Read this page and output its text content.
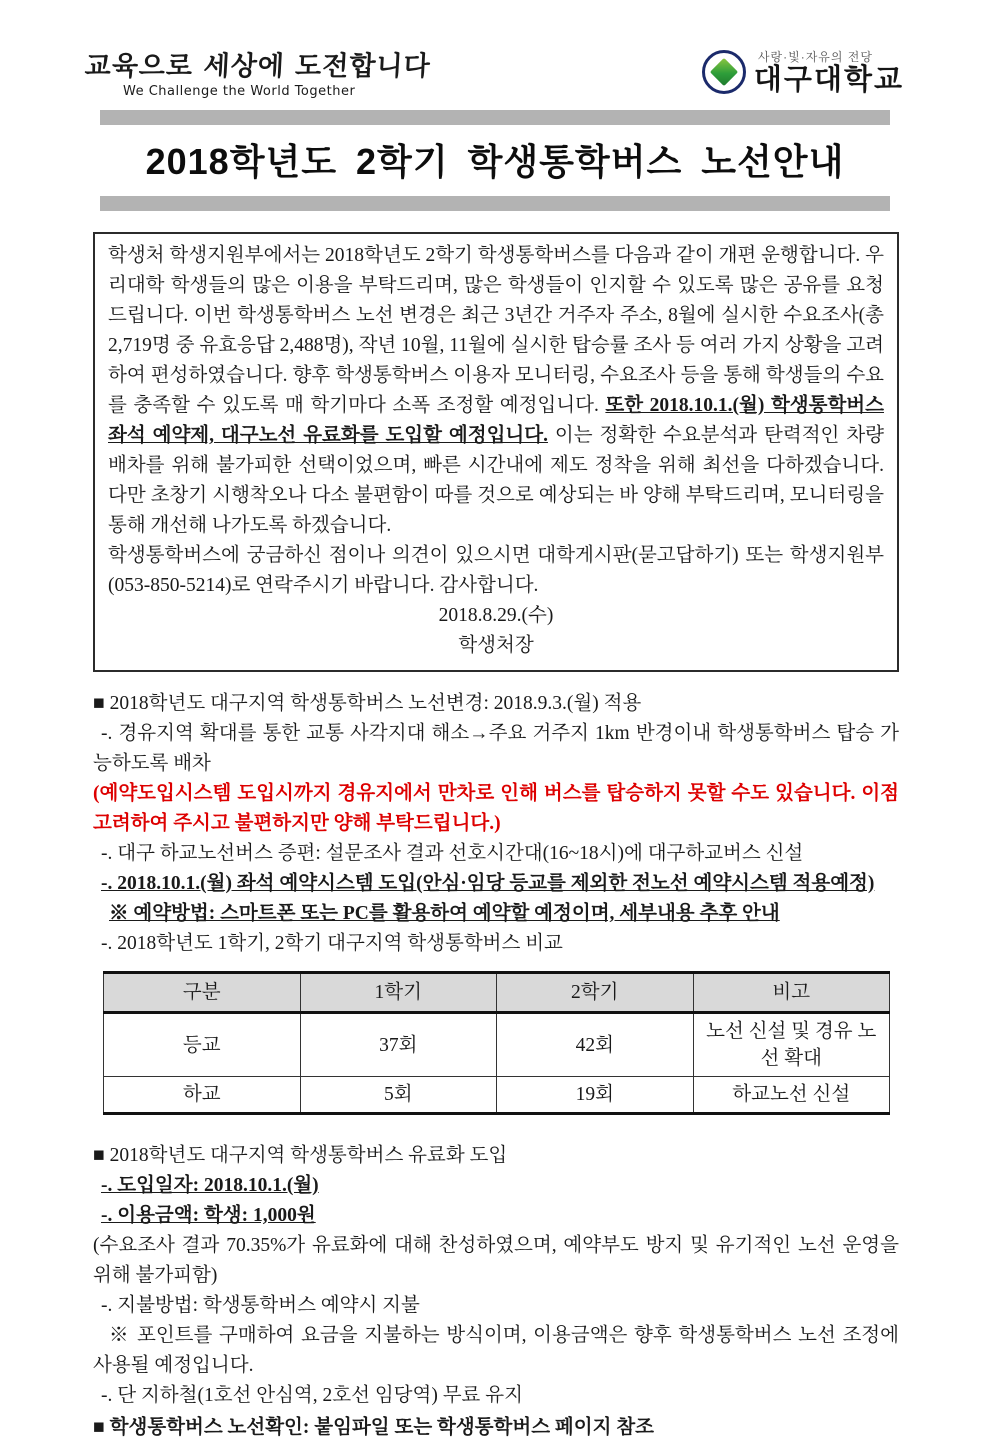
교육으로 세상에 도전합니다
We Challenge the World Together
사랑·빛·자유의 전당
대구대학교
2018학년도 2학기 학생통학버스 노선안내

학생처 학생지원부에서는 2018학년도 2학기 학생통학버스를 다음과 같이 개편 운행합니다. 우리대학 학생들의 많은 이용을 부탁드리며, 많은 학생들이 인지할 수 있도록 많은 공유를 요청 드립니다. 이번 학생통학버스 노선 변경은 최근 3년간 거주자 주소, 8월에 실시한 수요조사(총2,719명 중 유효응답 2,488명), 작년 10월, 11월에 실시한 탑승률 조사 등 여러 가지 상황을 고려하여 편성하였습니다. 향후 학생통학버스 이용자 모니터링, 수요조사 등을 통해 학생들의 수요를 충족할 수 있도록 매 학기마다 소폭 조정할 예정입니다. 또한 2018.10.1.(월) 학생통학버스 좌석 예약제, 대구노선 유료화를 도입할 예정입니다. 이는 정확한 수요분석과 탄력적인 차량 배차를 위해 불가피한 선택이었으며, 빠른 시간내에 제도 정착을 위해 최선을 다하겠습니다. 다만 초창기 시행착오나 다소 불편함이 따를 것으로 예상되는 바 양해 부탁드리며, 모니터링을 통해 개선해 나가도록 하겠습니다.

학생통학버스에 궁금하신 점이나 의견이 있으시면 대학게시판(묻고답하기) 또는 학생지원부 (053-850-5214)로 연락주시기 바랍니다. 감사합니다.

2018.8.29.(수)

학생처장

■ 2018학년도 대구지역 학생통학버스 노선변경: 2018.9.3.(월) 적용

-. 경유지역 확대를 통한 교통 사각지대 해소→주요 거주지 1km 반경이내 학생통학버스 탑승 가능하도록 배차

(예약도입시스템 도입시까지 경유지에서 만차로 인해 버스를 탑승하지 못할 수도 있습니다. 이점 고려하여 주시고 불편하지만 양해 부탁드립니다.)

-. 대구 하교노선버스 증편: 설문조사 결과 선호시간대(16~18시)에 대구하교버스 신설

-. 2018.10.1.(월) 좌석 예약시스템 도입(안심·임당 등교를 제외한 전노선 예약시스템 적용예정)

※ 예약방법: 스마트폰 또는 PC를 활용하여 예약할 예정이며, 세부내용 추후 안내

-. 2018학년도 1학기, 2학기 대구지역 학생통학버스 비교

구분	1학기	2학기	비고
등교	37회	42회	노선 신설 및 경유 노선 확대
하교	5회	19회	하교노선 신설

■ 2018학년도 대구지역 학생통학버스 유료화 도입

-. 도입일자: 2018.10.1.(월)

-. 이용금액: 학생: 1,000원

(수요조사 결과 70.35%가 유료화에 대해 찬성하였으며, 예약부도 방지 및 유기적인 노선 운영을 위해 불가피함)

-. 지불방법: 학생통학버스 예약시 지불

※ 포인트를 구매하여 요금을 지불하는 방식이며, 이용금액은 향후 학생통학버스 노선 조정에 사용될 예정입니다.

-. 단 지하철(1호선 안심역, 2호선 임당역) 무료 유지

■ 학생통학버스 노선확인: 붙임파일 또는 학생통학버스 페이지 참조
